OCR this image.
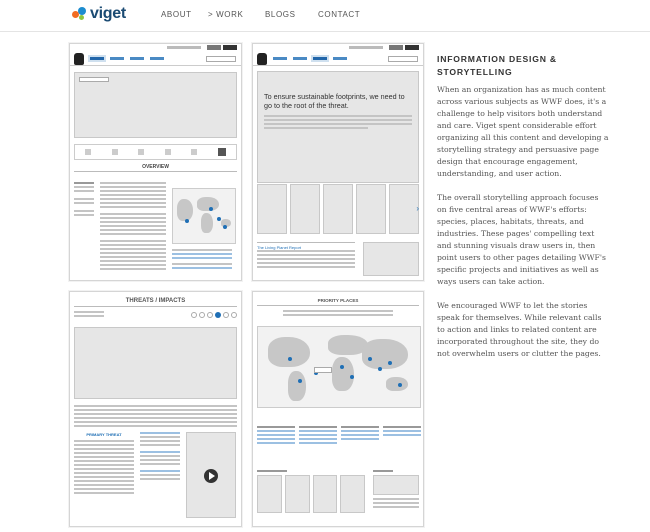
viget	ABOUT > WORK	BLOGS	CONTACT
OVERVIEW
To ensure sustainable footprints, we need to go to the root of the threat.
›
The Living Planet Report
THREATS / IMPACTS
PRIMARY THREAT
PRIORITY PLACES
INFORMATION DESIGN & STORYTELLING

When an organization has as much content across various subjects as WWF does, it's a challenge to help visitors both understand and care. Viget spent considerable effort organizing all this content and developing a storytelling strategy and persuasive page design that encourage engagement, understanding, and user action.

The overall storytelling approach focuses on five central areas of WWF's efforts: species, places, habitats, threats, and industries. These pages' compelling text and stunning visuals draw users in, then point users to other pages detailing WWF's specific projects and initiatives as well as ways users can take action.

We encouraged WWF to let the stories speak for themselves. While relevant calls to action and links to related content are incorporated throughout the site, they do not overwhelm users or clutter the pages.
